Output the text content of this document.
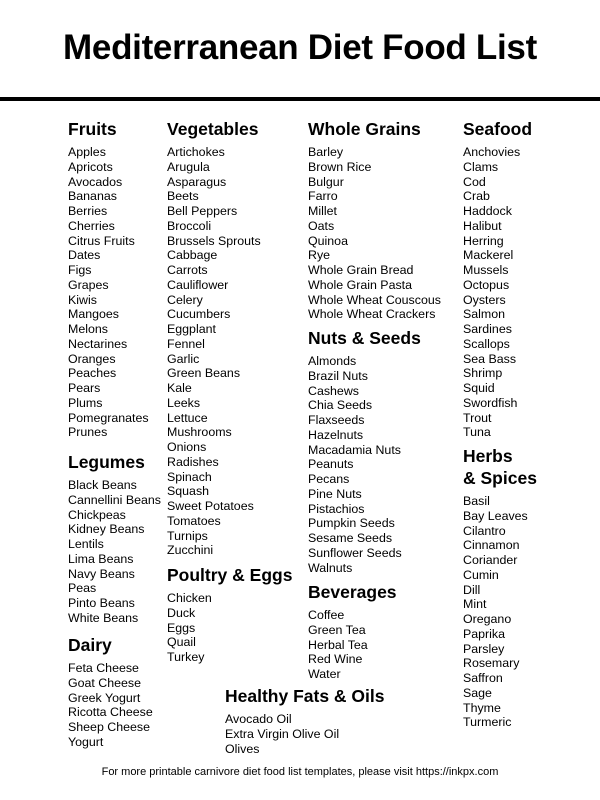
Mediterranean Diet Food List
Fruits
Apples
Apricots
Avocados
Bananas
Berries
Cherries
Citrus Fruits
Dates
Figs
Grapes
Kiwis
Mangoes
Melons
Nectarines
Oranges
Peaches
Pears
Plums
Pomegranates
Prunes
Legumes
Black Beans
Cannellini Beans
Chickpeas
Kidney Beans
Lentils
Lima Beans
Navy Beans
Peas
Pinto Beans
White Beans
Dairy
Feta Cheese
Goat Cheese
Greek Yogurt
Ricotta Cheese
Sheep Cheese
Yogurt
Vegetables
Artichokes
Arugula
Asparagus
Beets
Bell Peppers
Broccoli
Brussels Sprouts
Cabbage
Carrots
Cauliflower
Celery
Cucumbers
Eggplant
Fennel
Garlic
Green Beans
Kale
Leeks
Lettuce
Mushrooms
Onions
Radishes
Spinach
Squash
Sweet Potatoes
Tomatoes
Turnips
Zucchini
Poultry & Eggs
Chicken
Duck
Eggs
Quail
Turkey
Whole Grains
Barley
Brown Rice
Bulgur
Farro
Millet
Oats
Quinoa
Rye
Whole Grain Bread
Whole Grain Pasta
Whole Wheat Couscous
Whole Wheat Crackers
Nuts & Seeds
Almonds
Brazil Nuts
Cashews
Chia Seeds
Flaxseeds
Hazelnuts
Macadamia Nuts
Peanuts
Pecans
Pine Nuts
Pistachios
Pumpkin Seeds
Sesame Seeds
Sunflower Seeds
Walnuts
Beverages
Coffee
Green Tea
Herbal Tea
Red Wine
Water
Healthy Fats & Oils
Avocado Oil
Extra Virgin Olive Oil
Olives
Seafood
Anchovies
Clams
Cod
Crab
Haddock
Halibut
Herring
Mackerel
Mussels
Octopus
Oysters
Salmon
Sardines
Scallops
Sea Bass
Shrimp
Squid
Swordfish
Trout
Tuna
Herbs
& Spices
Basil
Bay Leaves
Cilantro
Cinnamon
Coriander
Cumin
Dill
Mint
Oregano
Paprika
Parsley
Rosemary
Saffron
Sage
Thyme
Turmeric
For more printable carnivore diet food list templates, please visit https://inkpx.com
